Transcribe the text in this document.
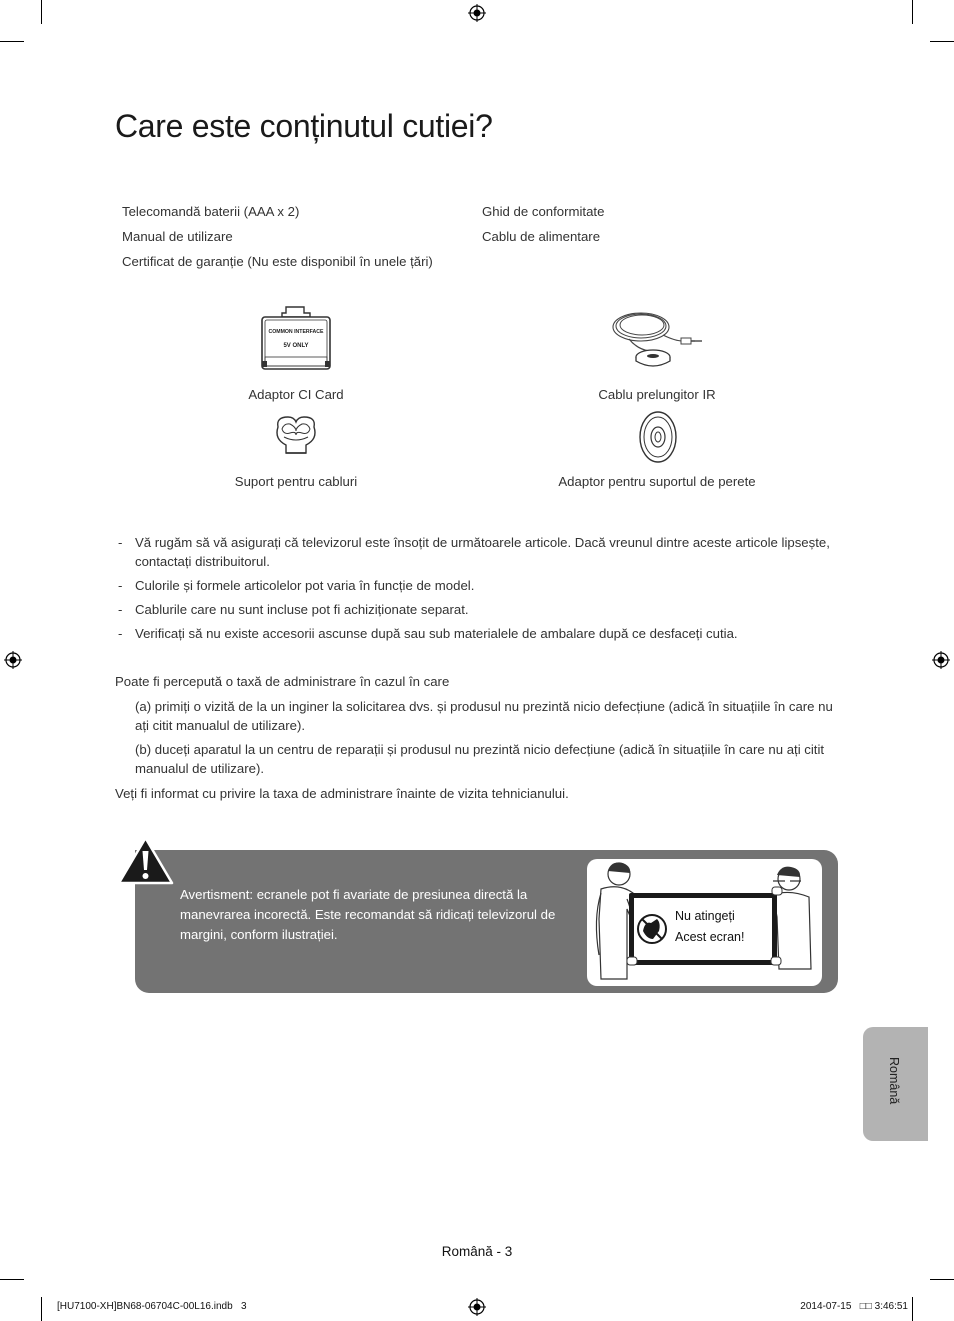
Care este conținutul cutiei?
Telecomandă baterii (AAA x 2)
Manual de utilizare
Certificat de garanție (Nu este disponibil în unele țări)
Ghid de conformitate
Cablu de alimentare
COMMON INTERFACE
5V ONLY
Adaptor CI Card	Cablu prelungitor IR
Suport pentru cabluri	Adaptor pentru suportul de perete
- Vă rugăm să vă asigurați că televizorul este însoțit de următoarele articole. Dacă vreunul dintre aceste articole lipsește, contactați distribuitorul.
- Culorile și formele articolelor pot varia în funcție de model.
- Cablurile care nu sunt incluse pot fi achiziționate separat.
- Verificați să nu existe accesorii ascunse după sau sub materialele de ambalare după ce desfaceți cutia.
Poate fi percepută o taxă de administrare în cazul în care
(a) primiți o vizită de la un inginer la solicitarea dvs. și produsul nu prezintă nicio defecțiune (adică în situațiile în care nu ați citit manualul de utilizare).
(b) duceți aparatul la un centru de reparații și produsul nu prezintă nicio defecțiune (adică în situațiile în care nu ați citit manualul de utilizare).
Veți fi informat cu privire la taxa de administrare înainte de vizita tehnicianului.
Avertisment: ecranele pot fi avariate de presiunea directă la manevrarea incorectă. Este recomandat să ridicați televizorul de margini, conform ilustrației.
Nu atingeți
Acest ecran!
Română
Română - 3
[HU7100-XH]BN68-06704C-00L16.indb   3	2014-07-15   □□ 3:46:51
